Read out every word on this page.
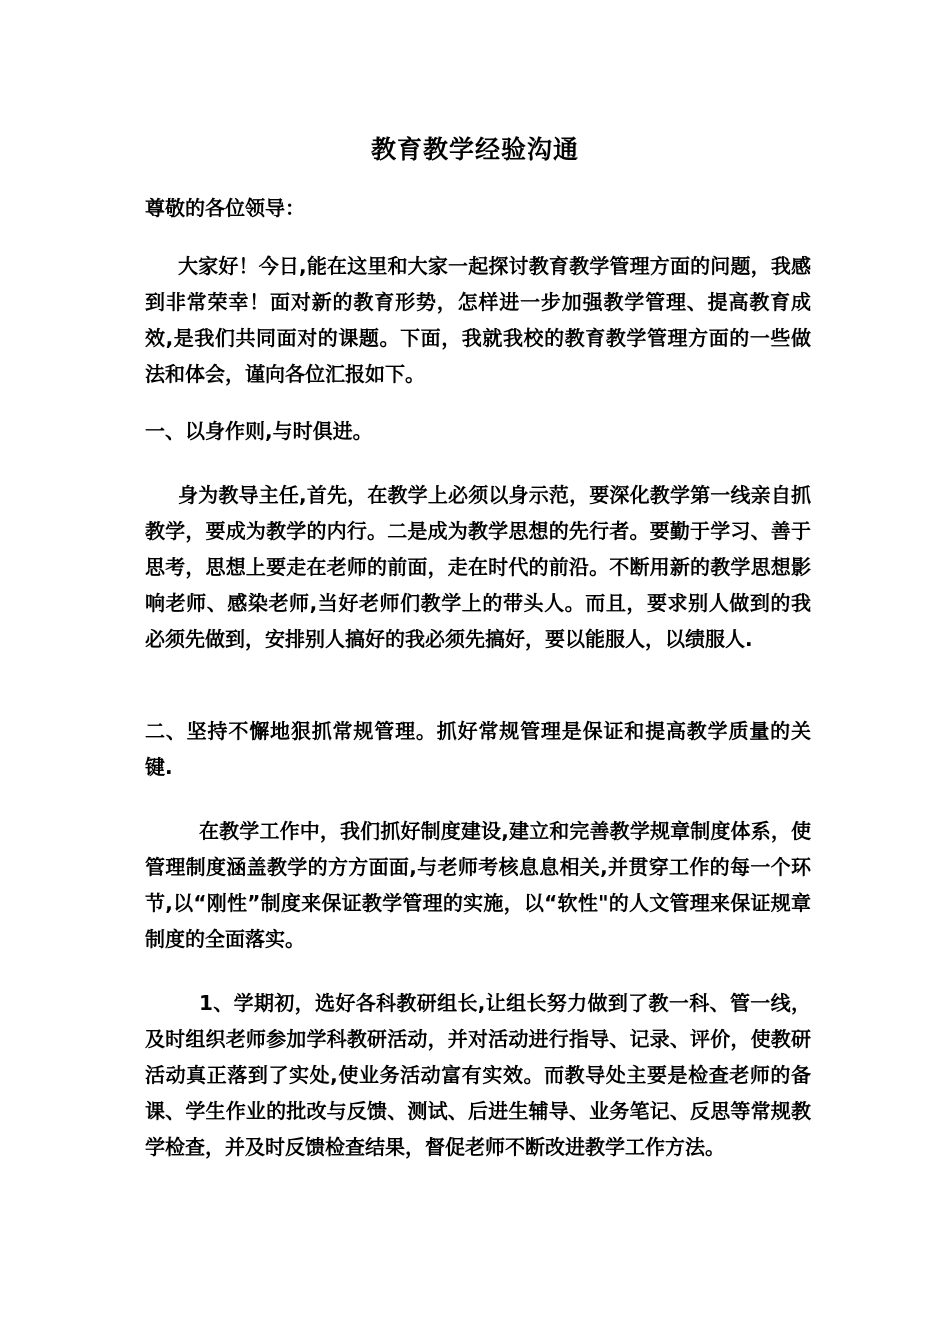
教育教学经验沟通

尊敬的各位领导：

大家好！今日,能在这里和大家一起探讨教育教学管理方面的问题，我感到非常荣幸！面对新的教育形势，怎样进一步加强教学管理、提高教育成效,是我们共同面对的课题。下面，我就我校的教育教学管理方面的一些做法和体会，谨向各位汇报如下。

一、以身作则,与时俱进。

身为教导主任,首先，在教学上必须以身示范，要深化教学第一线亲自抓教学，要成为教学的内行。二是成为教学思想的先行者。要勤于学习、善于思考，思想上要走在老师的前面，走在时代的前沿。不断用新的教学思想影响老师、感染老师,当好老师们教学上的带头人。而且，要求别人做到的我必须先做到，安排别人搞好的我必须先搞好，要以能服人，以绩服人.

二、坚持不懈地狠抓常规管理。抓好常规管理是保证和提高教学质量的关键.

在教学工作中，我们抓好制度建设,建立和完善教学规章制度体系，使管理制度涵盖教学的方方面面,与老师考核息息相关,并贯穿工作的每一个环节,以“刚性”制度来保证教学管理的实施，以“软性"的人文管理来保证规章制度的全面落实。

1、学期初，选好各科教研组长,让组长努力做到了教一科、管一线，及时组织老师参加学科教研活动，并对活动进行指导、记录、评价，使教研活动真正落到了实处,使业务活动富有实效。而教导处主要是检查老师的备课、学生作业的批改与反馈、测试、后进生辅导、业务笔记、反思等常规教学检查，并及时反馈检查结果，督促老师不断改进教学工作方法。
